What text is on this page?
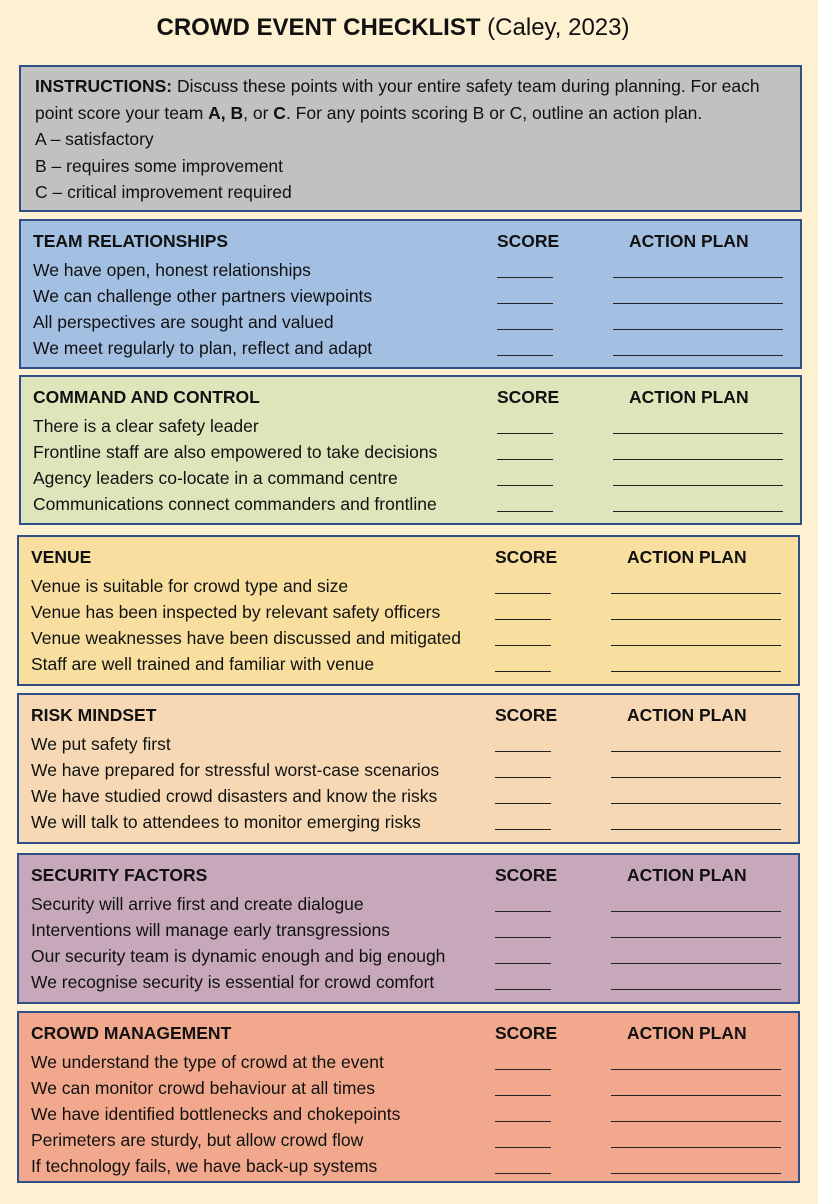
CROWD EVENT CHECKLIST (Caley, 2023)

INSTRUCTIONS: Discuss these points with your entire safety team during planning. For each point score your team A, B, or C. For any points scoring B or C, outline an action plan.

A – satisfactory

B – requires some improvement

C – critical improvement required

TEAM RELATIONSHIPS	SCORE	ACTION PLAN
We have open, honest relationships
We can challenge other partners viewpoints
All perspectives are sought and valued
We meet regularly to plan, reflect and adapt
COMMAND AND CONTROL	SCORE	ACTION PLAN
There is a clear safety leader
Frontline staff are also empowered to take decisions
Agency leaders co-locate in a command centre
Communications connect commanders and frontline
VENUE	SCORE	ACTION PLAN
Venue is suitable for crowd type and size
Venue has been inspected by relevant safety officers
Venue weaknesses have been discussed and mitigated
Staff are well trained and familiar with venue
RISK MINDSET	SCORE	ACTION PLAN
We put safety first
We have prepared for stressful worst-case scenarios
We have studied crowd disasters and know the risks
We will talk to attendees to monitor emerging risks
SECURITY FACTORS	SCORE	ACTION PLAN
Security will arrive first and create dialogue
Interventions will manage early transgressions
Our security team is dynamic enough and big enough
We recognise security is essential for crowd comfort
CROWD MANAGEMENT	SCORE	ACTION PLAN
We understand the type of crowd at the event
We can monitor crowd behaviour at all times
We have identified bottlenecks and chokepoints
Perimeters are sturdy, but allow crowd flow
If technology fails, we have back-up systems
